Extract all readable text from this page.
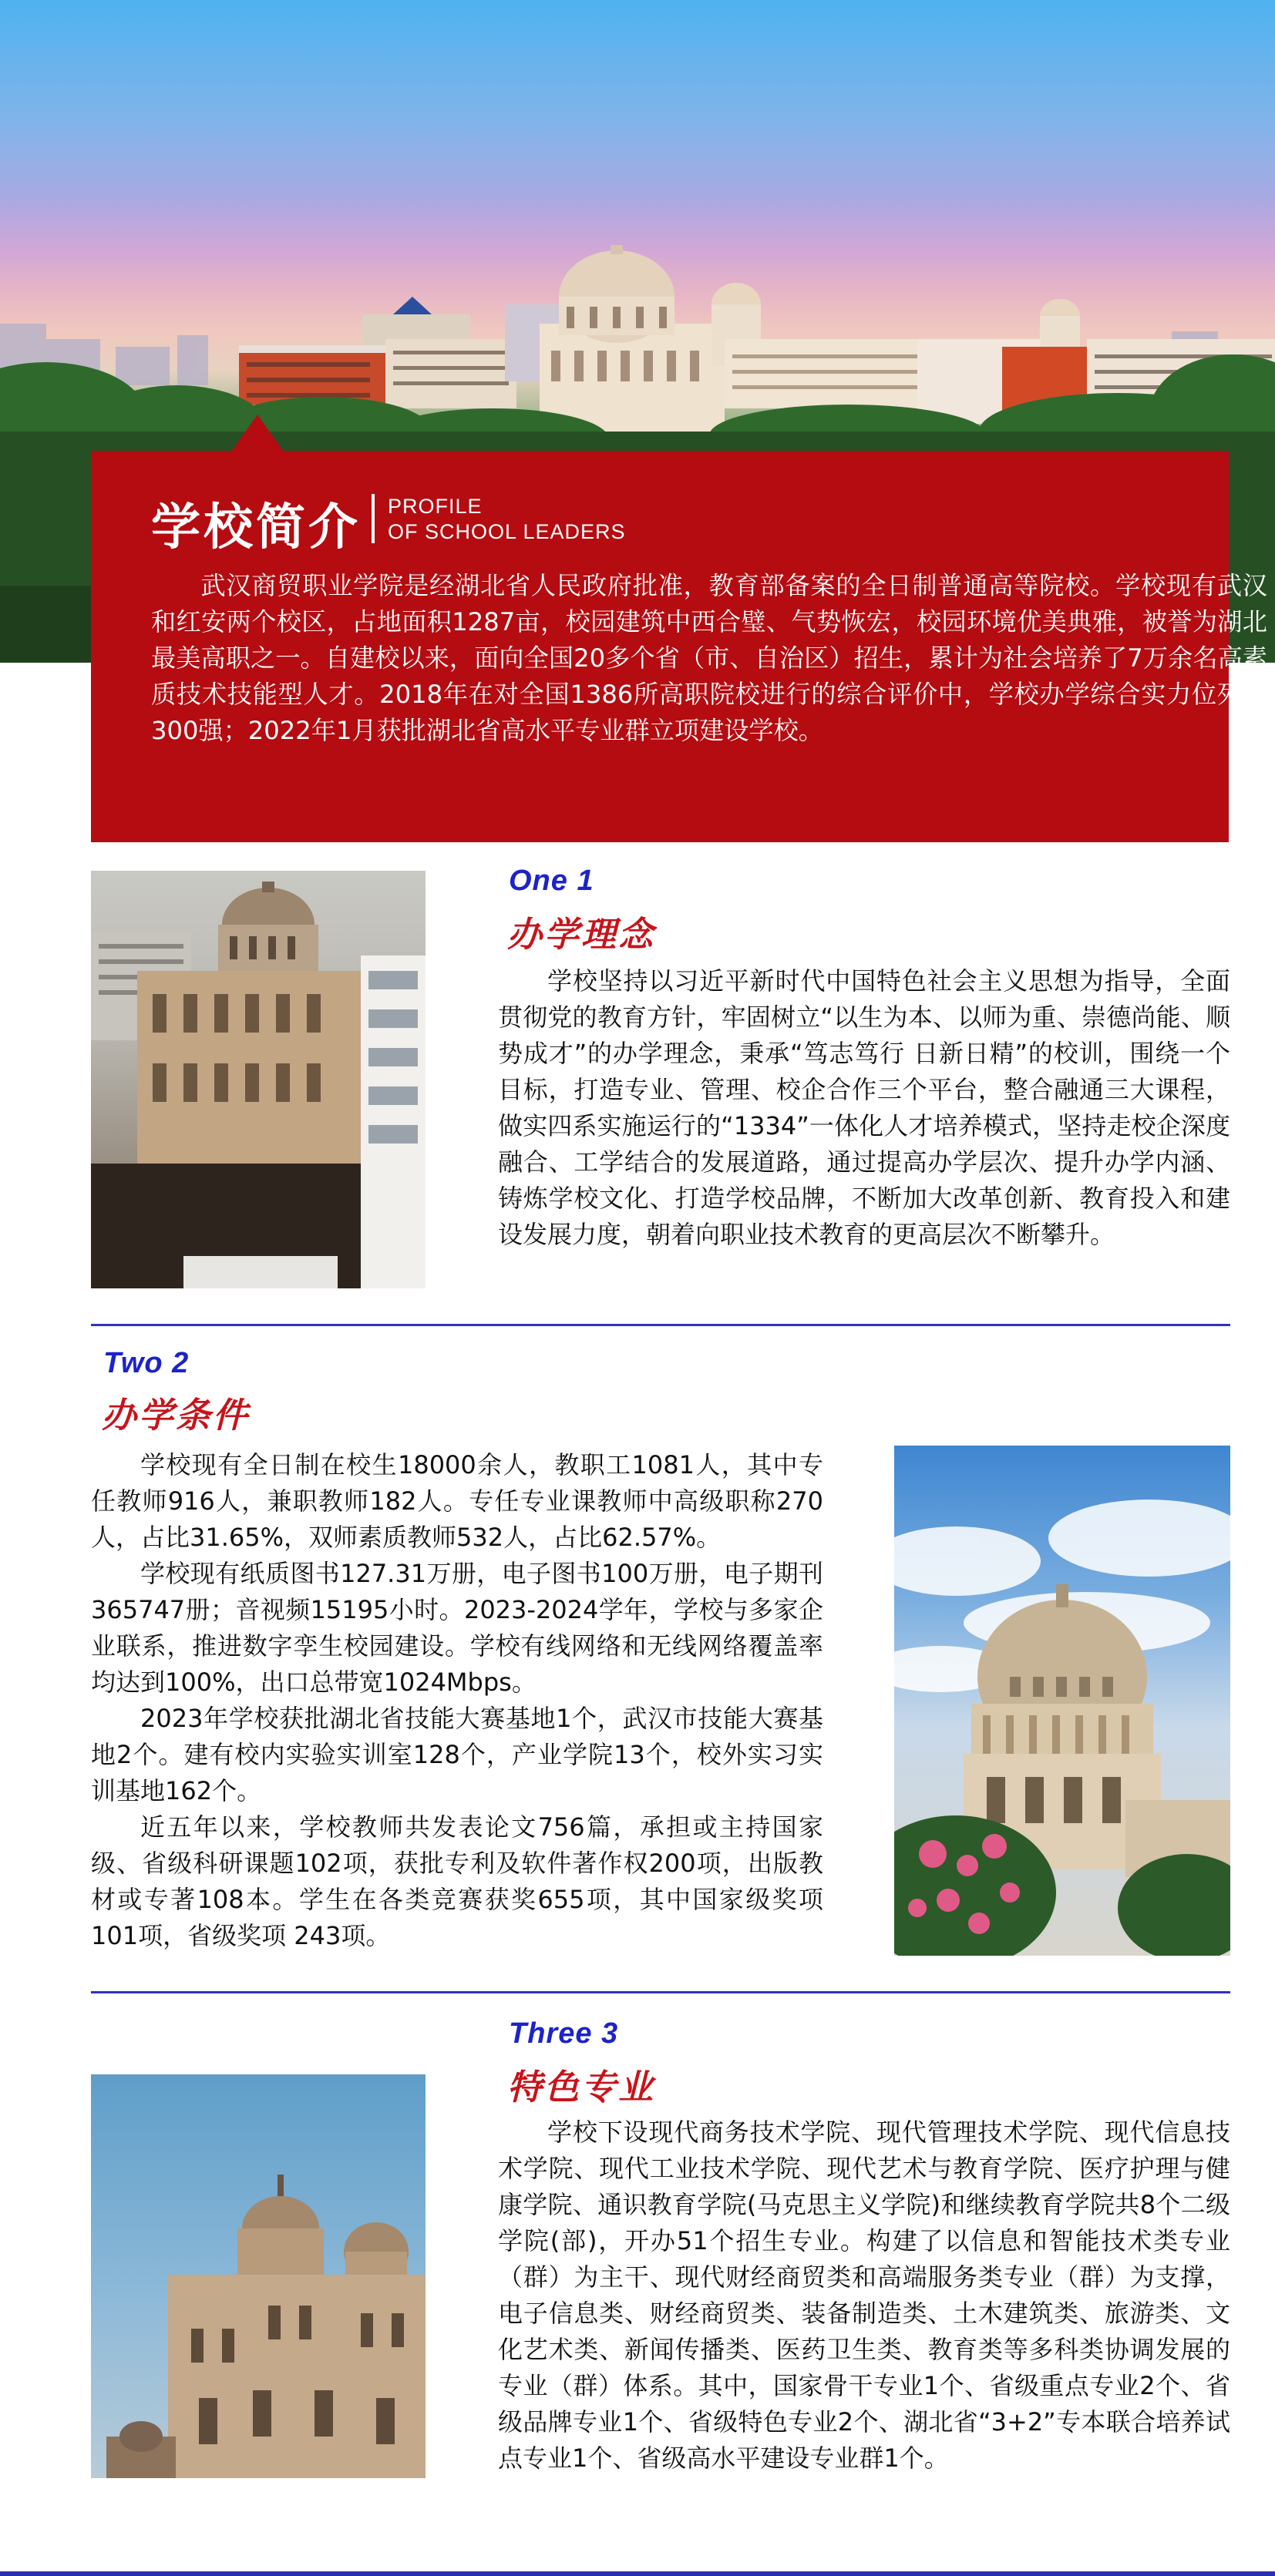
学校简介 PROFILE
OF SCHOOL LEADERS

武汉商贸职业学院是经湖北省人民政府批准，教育部备案的全日制普通高等院校。学校现有武汉和红安两个校区，占地面积1287亩，校园建筑中西合璧、气势恢宏，校园环境优美典雅，被誉为湖北最美高职之一。自建校以来，面向全国20多个省（市、自治区）招生，累计为社会培养了7万余名高素质技术技能型人才。2018年在对全国1386所高职院校进行的综合评价中，学校办学综合实力位列前300强；2022年1月获批湖北省高水平专业群立项建设学校。

One 1
办学理念

学校坚持以习近平新时代中国特色社会主义思想为指导，全面贯彻党的教育方针，牢固树立“以生为本、以师为重、崇德尚能、顺势成才”的办学理念，秉承“笃志笃行 日新日精”的校训，围绕一个目标，打造专业、管理、校企合作三个平台，整合融通三大课程，做实四系实施运行的“1334”一体化人才培养模式，坚持走校企深度融合、工学结合的发展道路，通过提高办学层次、提升办学内涵、铸炼学校文化、打造学校品牌，不断加大改革创新、教育投入和建设发展力度，朝着向职业技术教育的更高层次不断攀升。

Two 2
办学条件

学校现有全日制在校生18000余人，教职工1081人，其中专任教师916人，兼职教师182人。专任专业课教师中高级职称270人，占比31.65%，双师素质教师532人，占比62.57%。

学校现有纸质图书127.31万册，电子图书100万册，电子期刊365747册；音视频15195小时。2023-2024学年，学校与多家企业联系，推进数字孪生校园建设。学校有线网络和无线网络覆盖率均达到100%，出口总带宽1024Mbps。

2023年学校获批湖北省技能大赛基地1个，武汉市技能大赛基地2个。建有校内实验实训室128个，产业学院13个，校外实习实训基地162个。

近五年以来，学校教师共发表论文756篇，承担或主持国家级、省级科研课题102项，获批专利及软件著作权200项，出版教材或专著108本。学生在各类竞赛获奖655项，其中国家级奖项101项，省级奖项 243项。

Three 3
特色专业

学校下设现代商务技术学院、现代管理技术学院、现代信息技术学院、现代工业技术学院、现代艺术与教育学院、医疗护理与健康学院、通识教育学院(马克思主义学院)和继续教育学院共8个二级学院(部)，开办51个招生专业。构建了以信息和智能技术类专业（群）为主干、现代财经商贸类和高端服务类专业（群）为支撑，电子信息类、财经商贸类、装备制造类、土木建筑类、旅游类、文化艺术类、新闻传播类、医药卫生类、教育类等多科类协调发展的专业（群）体系。其中，国家骨干专业1个、省级重点专业2个、省级品牌专业1个、省级特色专业2个、湖北省“3+2”专本联合培养试点专业1个、省级高水平建设专业群1个。
